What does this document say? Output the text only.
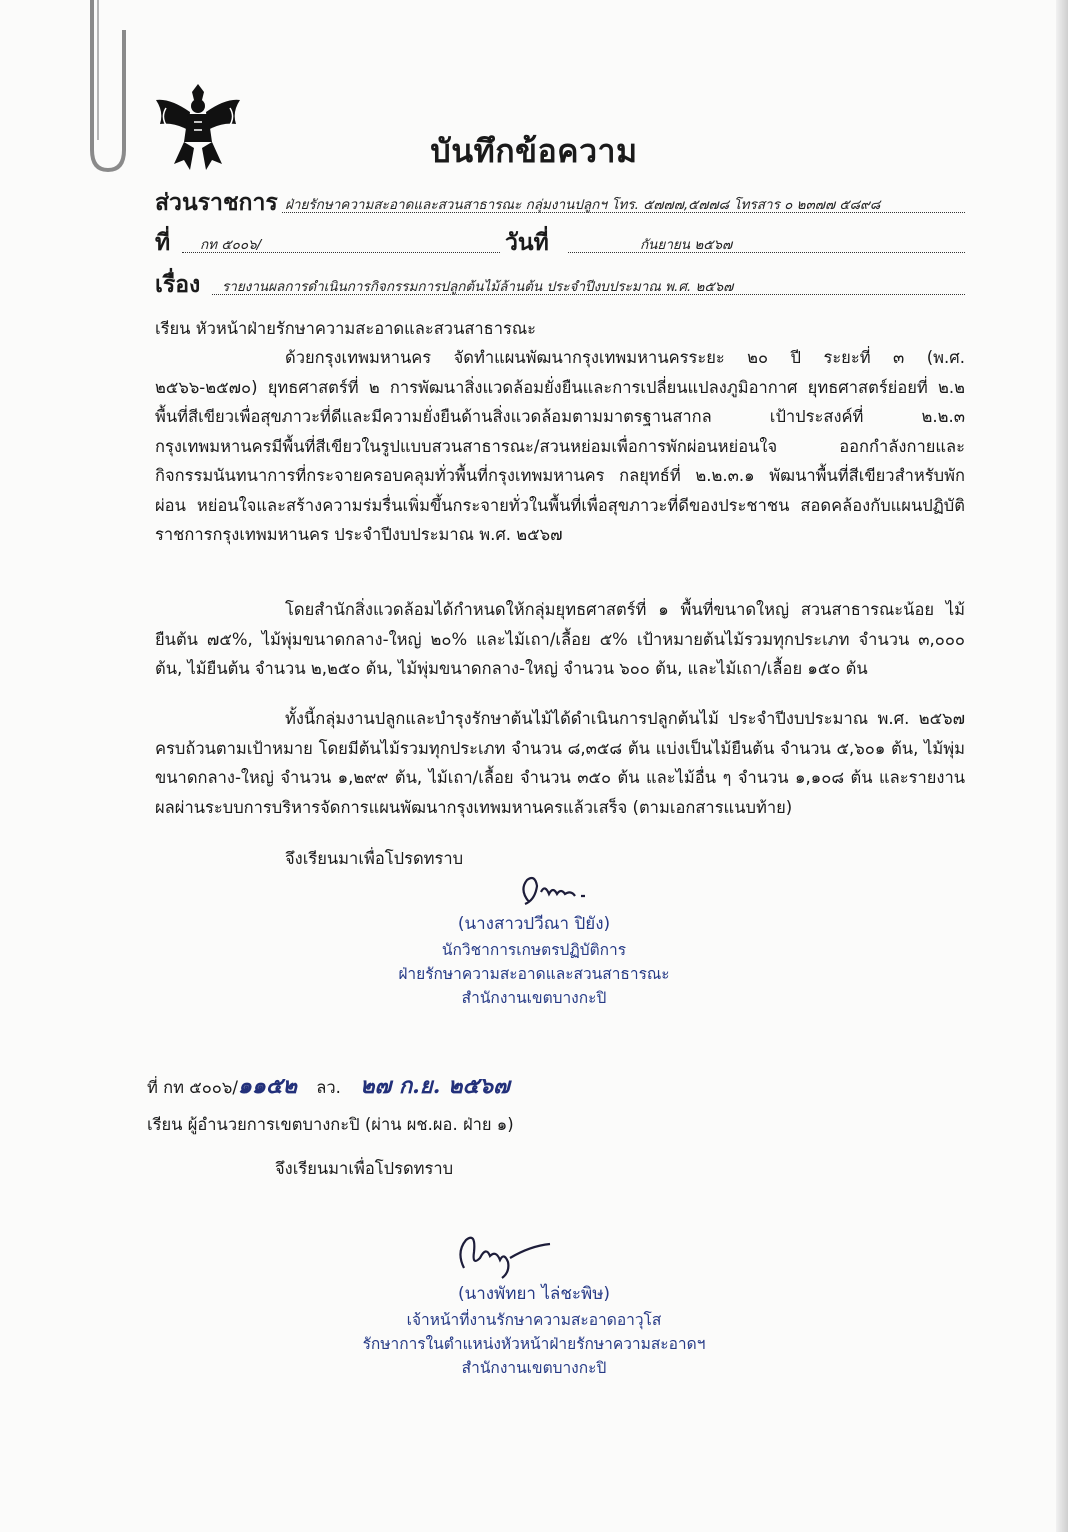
บันทึกข้อความ
ส่วนราชการ ฝ่ายรักษาความสะอาดและสวนสาธารณะ กลุ่มงานปลูกฯ โทร. ๕๗๗๗,๕๗๗๘ โทรสาร ๐ ๒๓๗๗ ๕๘๙๘
ที่ กท ๕๐๐๖/	วันที่	กันยายน ๒๕๖๗
เรื่อง รายงานผลการดำเนินการกิจกรรมการปลูกต้นไม้ล้านต้น ประจำปีงบประมาณ พ.ศ. ๒๕๖๗
เรียน หัวหน้าฝ่ายรักษาความสะอาดและสวนสาธารณะ
ด้วยกรุงเทพมหานคร จัดทำแผนพัฒนากรุงเทพมหานครระยะ ๒๐ ปี ระยะที่ ๓ (พ.ศ. ๒๕๖๖-๒๕๗๐) ยุทธศาสตร์ที่ ๒ การพัฒนาสิ่งแวดล้อมยั่งยืนและการเปลี่ยนแปลงภูมิอากาศ ยุทธศาสตร์ย่อยที่ ๒.๒ พื้นที่สีเขียวเพื่อสุขภาวะที่ดีและมีความยั่งยืนด้านสิ่งแวดล้อมตามมาตรฐานสากล เป้าประสงค์ที่ ๒.๒.๓ กรุงเทพมหานครมีพื้นที่สีเขียวในรูปแบบสวนสาธารณะ/สวนหย่อมเพื่อการพักผ่อนหย่อนใจ ออกกำลังกายและกิจกรรมนันทนาการที่กระจายครอบคลุมทั่วพื้นที่กรุงเทพมหานคร กลยุทธ์ที่ ๒.๒.๓.๑ พัฒนาพื้นที่สีเขียวสำหรับพักผ่อน หย่อนใจและสร้างความร่มรื่นเพิ่มขึ้นกระจายทั่วในพื้นที่เพื่อสุขภาวะที่ดีของประชาชน สอดคล้องกับแผนปฏิบัติราชการกรุงเทพมหานคร ประจำปีงบประมาณ พ.ศ. ๒๕๖๗
โดยสำนักสิ่งแวดล้อมได้กำหนดให้กลุ่มยุทธศาสตร์ที่ ๑ พื้นที่ขนาดใหญ่ สวนสาธารณะน้อย ไม้ยืนต้น ๗๕%, ไม้พุ่มขนาดกลาง-ใหญ่ ๒๐% และไม้เถา/เลื้อย ๕% เป้าหมายต้นไม้รวมทุกประเภท จำนวน ๓,๐๐๐ ต้น, ไม้ยืนต้น จำนวน ๒,๒๕๐ ต้น, ไม้พุ่มขนาดกลาง-ใหญ่ จำนวน ๖๐๐ ต้น, และไม้เถา/เลื้อย ๑๕๐ ต้น
ทั้งนี้กลุ่มงานปลูกและบำรุงรักษาต้นไม้ได้ดำเนินการปลูกต้นไม้ ประจำปีงบประมาณ พ.ศ. ๒๕๖๗ ครบถ้วนตามเป้าหมาย โดยมีต้นไม้รวมทุกประเภท จำนวน ๘,๓๕๘ ต้น แบ่งเป็นไม้ยืนต้น จำนวน ๕,๖๐๑ ต้น, ไม้พุ่มขนาดกลาง-ใหญ่ จำนวน ๑,๒๙๙ ต้น, ไม้เถา/เลื้อย จำนวน ๓๕๐ ต้น และไม้อื่น ๆ จำนวน ๑,๑๐๘ ต้น และรายงานผลผ่านระบบการบริหารจัดการแผนพัฒนากรุงเทพมหานครแล้วเสร็จ (ตามเอกสารแนบท้าย)
จึงเรียนมาเพื่อโปรดทราบ
(นางสาวปวีณา ปิยัง)
นักวิชาการเกษตรปฏิบัติการ
ฝ่ายรักษาความสะอาดและสวนสาธารณะ
สำนักงานเขตบางกะปิ
ที่ กท ๕๐๐๖/๑๑๕๒ ลว. ๒๗ ก.ย. ๒๕๖๗
เรียน ผู้อำนวยการเขตบางกะปิ (ผ่าน ผช.ผอ. ฝ่าย ๑)
จึงเรียนมาเพื่อโปรดทราบ
(นางพัทยา ไล่ชะพิษ)
เจ้าหน้าที่งานรักษาความสะอาดอาวุโส
รักษาการในตำแหน่งหัวหน้าฝ่ายรักษาความสะอาดฯ
สำนักงานเขตบางกะปิ
